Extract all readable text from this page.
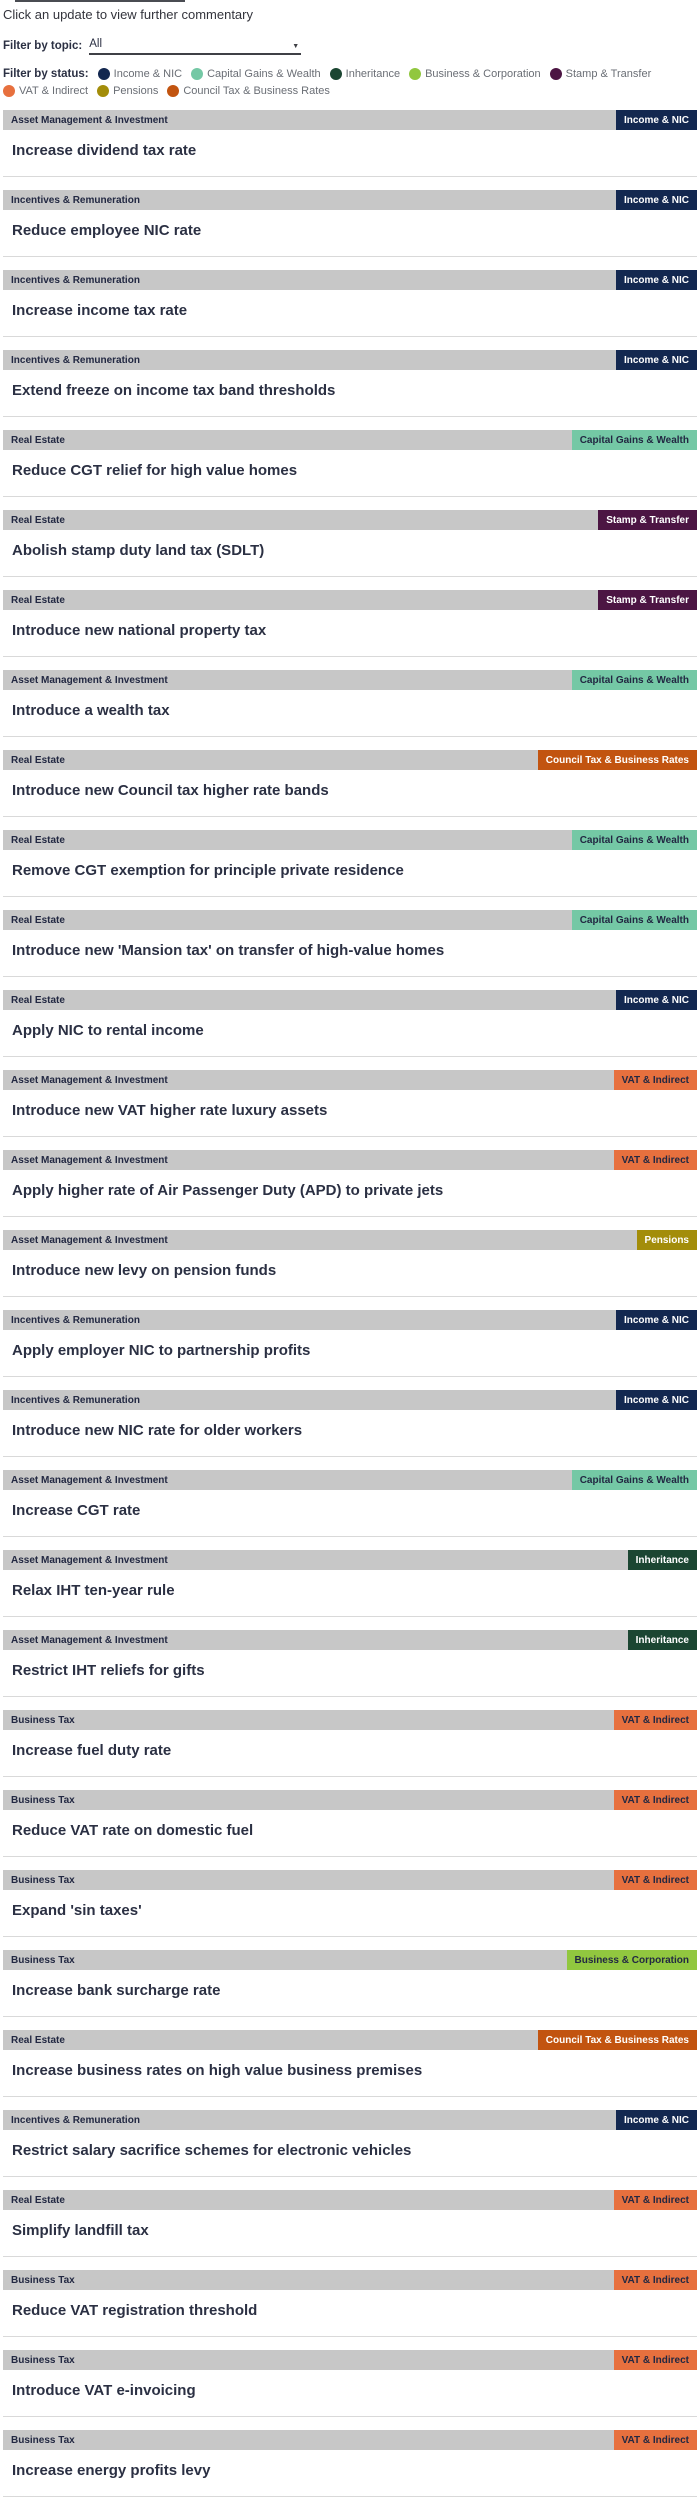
Click an update to view further commentary
Filter by topic: All	▼
Filter by status: Income & NIC Capital Gains & Wealth Inheritance Business & Corporation Stamp & Transfer
VAT & Indirect Pensions Council Tax & Business Rates
Asset Management & Investment	Income & NIC
Increase dividend tax rate
Incentives & Remuneration	Income & NIC
Reduce employee NIC rate
Incentives & Remuneration	Income & NIC
Increase income tax rate
Incentives & Remuneration	Income & NIC
Extend freeze on income tax band thresholds
Real Estate	Capital Gains & Wealth
Reduce CGT relief for high value homes
Real Estate	Stamp & Transfer
Abolish stamp duty land tax (SDLT)
Real Estate	Stamp & Transfer
Introduce new national property tax
Asset Management & Investment	Capital Gains & Wealth
Introduce a wealth tax
Real Estate	Council Tax & Business Rates
Introduce new Council tax higher rate bands
Real Estate	Capital Gains & Wealth
Remove CGT exemption for principle private residence
Real Estate	Capital Gains & Wealth
Introduce new 'Mansion tax' on transfer of high-value homes
Real Estate	Income & NIC
Apply NIC to rental income
Asset Management & Investment	VAT & Indirect
Introduce new VAT higher rate luxury assets
Asset Management & Investment	VAT & Indirect
Apply higher rate of Air Passenger Duty (APD) to private jets
Asset Management & Investment	Pensions
Introduce new levy on pension funds
Incentives & Remuneration	Income & NIC
Apply employer NIC to partnership profits
Incentives & Remuneration	Income & NIC
Introduce new NIC rate for older workers
Asset Management & Investment	Capital Gains & Wealth
Increase CGT rate
Asset Management & Investment	Inheritance
Relax IHT ten-year rule
Asset Management & Investment	Inheritance
Restrict IHT reliefs for gifts
Business Tax	VAT & Indirect
Increase fuel duty rate
Business Tax	VAT & Indirect
Reduce VAT rate on domestic fuel
Business Tax	VAT & Indirect
Expand 'sin taxes'
Business Tax	Business & Corporation
Increase bank surcharge rate
Real Estate	Council Tax & Business Rates
Increase business rates on high value business premises
Incentives & Remuneration	Income & NIC
Restrict salary sacrifice schemes for electronic vehicles
Real Estate	VAT & Indirect
Simplify landfill tax
Business Tax	VAT & Indirect
Reduce VAT registration threshold
Business Tax	VAT & Indirect
Introduce VAT e-invoicing
Business Tax	VAT & Indirect
Increase energy profits levy
